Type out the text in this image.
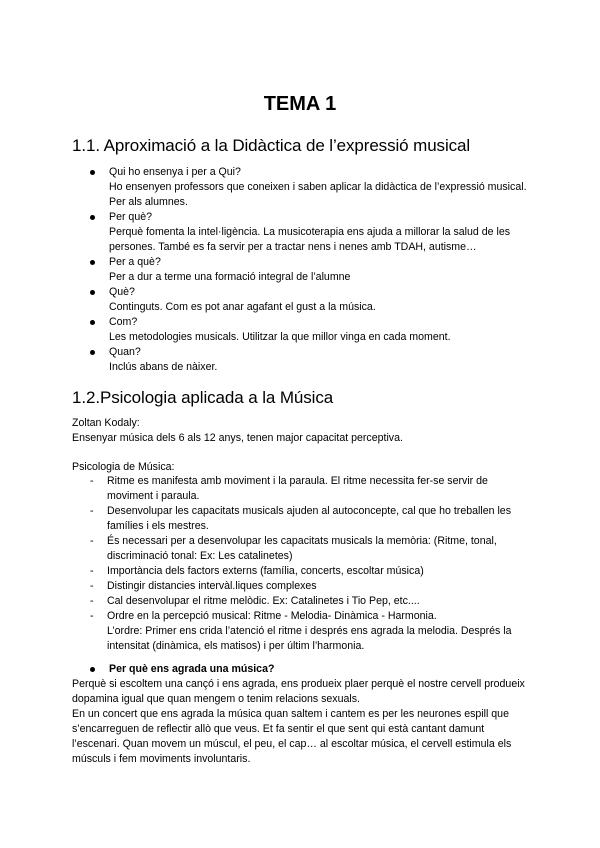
TEMA 1
1.1. Aproximació a la Didàctica de l’expressió musical
Qui ho ensenya i per a Qui?
Ho ensenyen professors que coneixen i saben aplicar la didàctica de l’expressió musical. Per als alumnes.
Per què?
Perquè fomenta la intel·ligència. La musicoterapia ens ajuda a millorar la salud de les persones. També es fa servir per a tractar nens i nenes amb TDAH, autisme…
Per a què?
Per a dur a terme una formació integral de l’alumne
Què?
Continguts. Com es pot anar agafant el gust a la música.
Com?
Les metodologies musicals. Utilitzar la que millor vinga en cada moment.
Quan?
Inclús abans de nàixer.
1.2.Psicologia aplicada a la Música
Zoltan Kodaly:
Ensenyar música dels 6 als 12 anys, tenen major capacitat perceptiva.
Psicologia de Música:
- Ritme es manifesta amb moviment i la paraula. El ritme necessita fer-se servir de moviment i paraula.
- Desenvolupar les capacitats musicals ajuden al autoconcepte, cal que ho treballen les famílies i els mestres.
- És necessari per a desenvolupar les capacitats musicals la memòria: (Ritme, tonal, discriminació tonal: Ex: Les catalinetes)
- Importància dels factors externs (família, concerts, escoltar música)
- Distingir distancies intervàl.liques complexes
- Cal desenvolupar el ritme melòdic. Ex: Catalinetes i Tio Pep, etc....
- Ordre en la percepció musical: Ritme - Melodia- Dinàmica - Harmonia.
L’ordre: Primer ens crida l’atenció el ritme i després ens agrada la melodia. Després la intensitat (dinàmica, els matisos) i per últim l’harmonia.
Per què ens agrada una música?
Perquè si escoltem una cançó i ens agrada, ens produeix plaer perquè el nostre cervell produeix dopamina igual que quan mengem o tenim relacions sexuals.
En un concert que ens agrada la música quan saltem i cantem es per les neurones espill que s’encarreguen de reflectir allò que veus. Et fa sentir el que sent qui està cantant damunt l’escenari. Quan movem un múscul, el peu, el cap… al escoltar música, el cervell estimula els músculs i fem moviments involuntaris.
